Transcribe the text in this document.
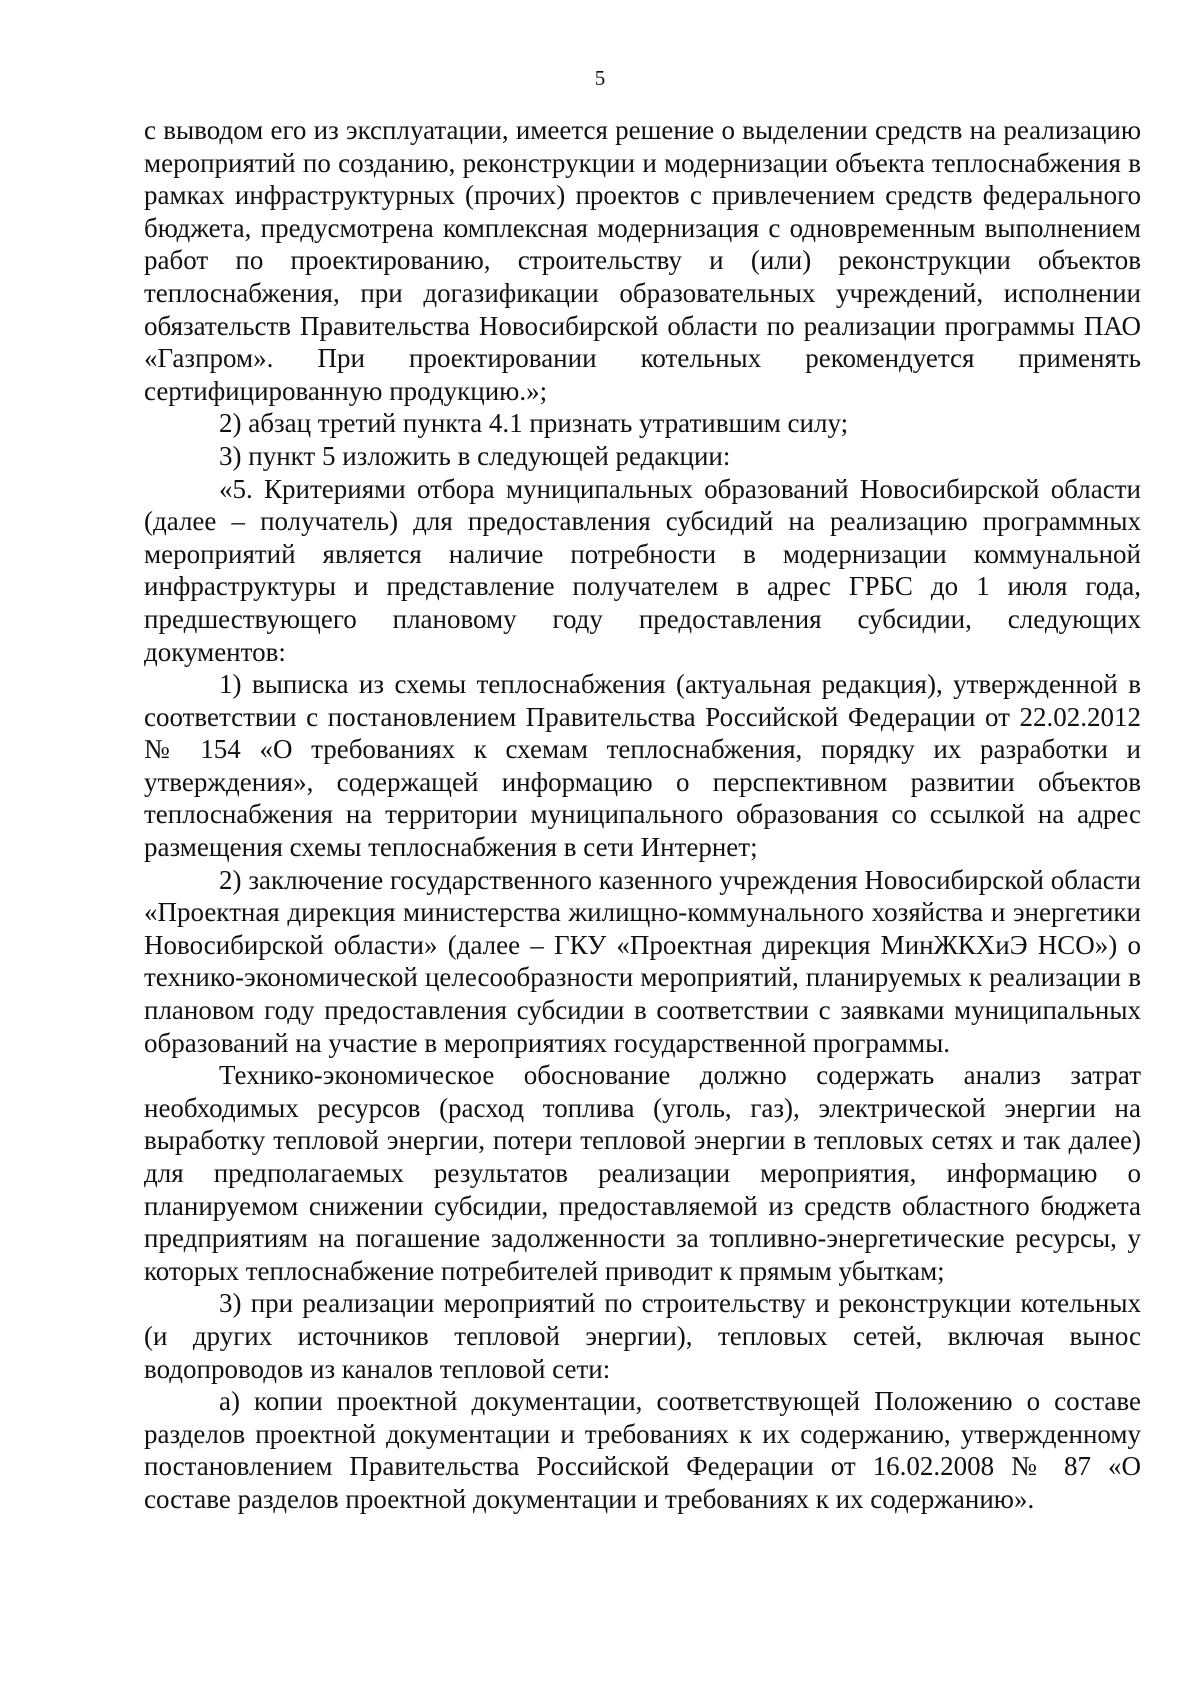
5

с выводом его из эксплуатации, имеется решение о выделении средств на реализацию мероприятий по созданию, реконструкции и модернизации объекта теплоснабжения в рамках инфраструктурных (прочих) проектов с привлечением средств федерального бюджета, предусмотрена комплексная модернизация с одновременным выполнением работ по проектированию, строительству и (или) реконструкции объектов теплоснабжения, при догазификации образовательных учреждений, исполнении обязательств Правительства Новосибирской области по реализации программы ПАО «Газпром». При проектировании котельных рекомендуется применять сертифицированную продукцию.»;

2) абзац третий пункта 4.1 признать утратившим силу;

3) пункт 5 изложить в следующей редакции:

«5. Критериями отбора муниципальных образований Новосибирской области (далее – получатель) для предоставления субсидий на реализацию программных мероприятий является наличие потребности в модернизации коммунальной инфраструктуры и представление получателем в адрес ГРБС до 1 июля года, предшествующего плановому году предоставления субсидии, следующих документов:

1) выписка из схемы теплоснабжения (актуальная редакция), утвержденной в соответствии с постановлением Правительства Российской Федерации от 22.02.2012 № 154 «О требованиях к схемам теплоснабжения, порядку их разработки и утверждения», содержащей информацию о перспективном развитии объектов теплоснабжения на территории муниципального образования со ссылкой на адрес размещения схемы теплоснабжения в сети Интернет;

2) заключение государственного казенного учреждения Новосибирской области «Проектная дирекция министерства жилищно-коммунального хозяйства и энергетики Новосибирской области» (далее – ГКУ «Проектная дирекция МинЖКХиЭ НСО») о технико-экономической целесообразности мероприятий, планируемых к реализации в плановом году предоставления субсидии в соответствии с заявками муниципальных образований на участие в мероприятиях государственной программы.

Технико-экономическое обоснование должно содержать анализ затрат необходимых ресурсов (расход топлива (уголь, газ), электрической энергии на выработку тепловой энергии, потери тепловой энергии в тепловых сетях и так далее) для предполагаемых результатов реализации мероприятия, информацию о планируемом снижении субсидии, предоставляемой из средств областного бюджета предприятиям на погашение задолженности за топливно-энергетические ресурсы, у которых теплоснабжение потребителей приводит к прямым убыткам;

3) при реализации мероприятий по строительству и реконструкции котельных (и других источников тепловой энергии), тепловых сетей, включая вынос водопроводов из каналов тепловой сети:

а) копии проектной документации, соответствующей Положению о составе разделов проектной документации и требованиях к их содержанию, утвержденному постановлением Правительства Российской Федерации от 16.02.2008 № 87 «О составе разделов проектной документации и требованиях к их содержанию».
